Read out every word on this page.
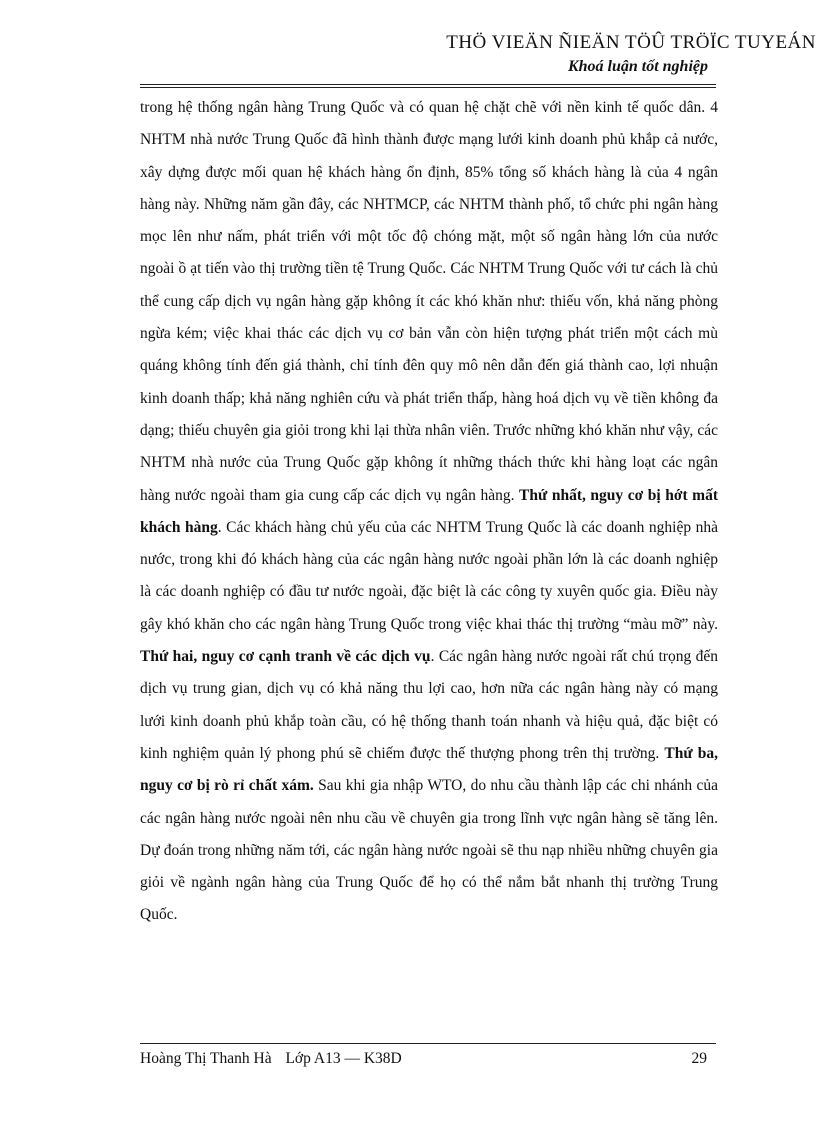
THÖ VIEÄN ÑIEÄN TÖÛ TRÖÏC TUYEÁN
Khoá luận tốt nghiệp

trong hệ thống ngân hàng Trung Quốc và có quan hệ chặt chẽ với nền kinh tế quốc dân. 4 NHTM nhà nước Trung Quốc đã hình thành được mạng lưới kinh doanh phủ khắp cả nước, xây dựng được mối quan hệ khách hàng ổn định, 85% tổng số khách hàng là của 4 ngân hàng này. Những năm gần đây, các NHTMCP, các NHTM thành phố, tổ chức phi ngân hàng mọc lên như nấm, phát triển với một tốc độ chóng mặt, một số ngân hàng lớn của nước ngoài ồ ạt tiến vào thị trường tiền tệ Trung Quốc. Các NHTM Trung Quốc với tư cách là chủ thể cung cấp dịch vụ ngân hàng gặp không ít các khó khăn như: thiếu vốn, khả năng phòng ngừa kém; việc khai thác các dịch vụ cơ bản vẫn còn hiện tượng phát triển một cách mù quáng không tính đến giá thành, chỉ tính đên quy mô nên dẫn đến giá thành cao, lợi nhuận kinh doanh thấp; khả năng nghiên cứu và phát triển thấp, hàng hoá dịch vụ về tiền không đa dạng; thiếu chuyên gia giỏi trong khi lại thừa nhân viên. Trước những khó khăn như vậy, các NHTM nhà nước của Trung Quốc gặp không ít những thách thức khi hàng loạt các ngân hàng nước ngoài tham gia cung cấp các dịch vụ ngân hàng. Thứ nhất, nguy cơ bị hớt mất khách hàng. Các khách hàng chủ yếu của các NHTM Trung Quốc là các doanh nghiệp nhà nước, trong khi đó khách hàng của các ngân hàng nước ngoài phần lớn là các doanh nghiệp là các doanh nghiệp có đầu tư nước ngoài, đặc biệt là các công ty xuyên quốc gia. Điều này gây khó khăn cho các ngân hàng Trung Quốc trong việc khai thác thị trường “màu mỡ” này. Thứ hai, nguy cơ cạnh tranh về các dịch vụ. Các ngân hàng nước ngoài rất chú trọng đến dịch vụ trung gian, dịch vụ có khả năng thu lợi cao, hơn nữa các ngân hàng này có mạng lưới kinh doanh phủ khắp toàn cầu, có hệ thống thanh toán nhanh và hiệu quả, đặc biệt có kinh nghiệm quản lý phong phú sẽ chiếm được thế thượng phong trên thị trường. Thứ ba, nguy cơ bị rò rỉ chất xám. Sau khi gia nhập WTO, do nhu cầu thành lập các chi nhánh của các ngân hàng nước ngoài nên nhu cầu về chuyên gia trong lĩnh vực ngân hàng sẽ tăng lên. Dự đoán trong những năm tới, các ngân hàng nước ngoài sẽ thu nạp nhiều những chuyên gia giỏi về ngành ngân hàng của Trung Quốc để họ có thể nắm bắt nhanh thị trường Trung Quốc.

Hoàng Thị Thanh Hà Lớp A13 — K38D	29
